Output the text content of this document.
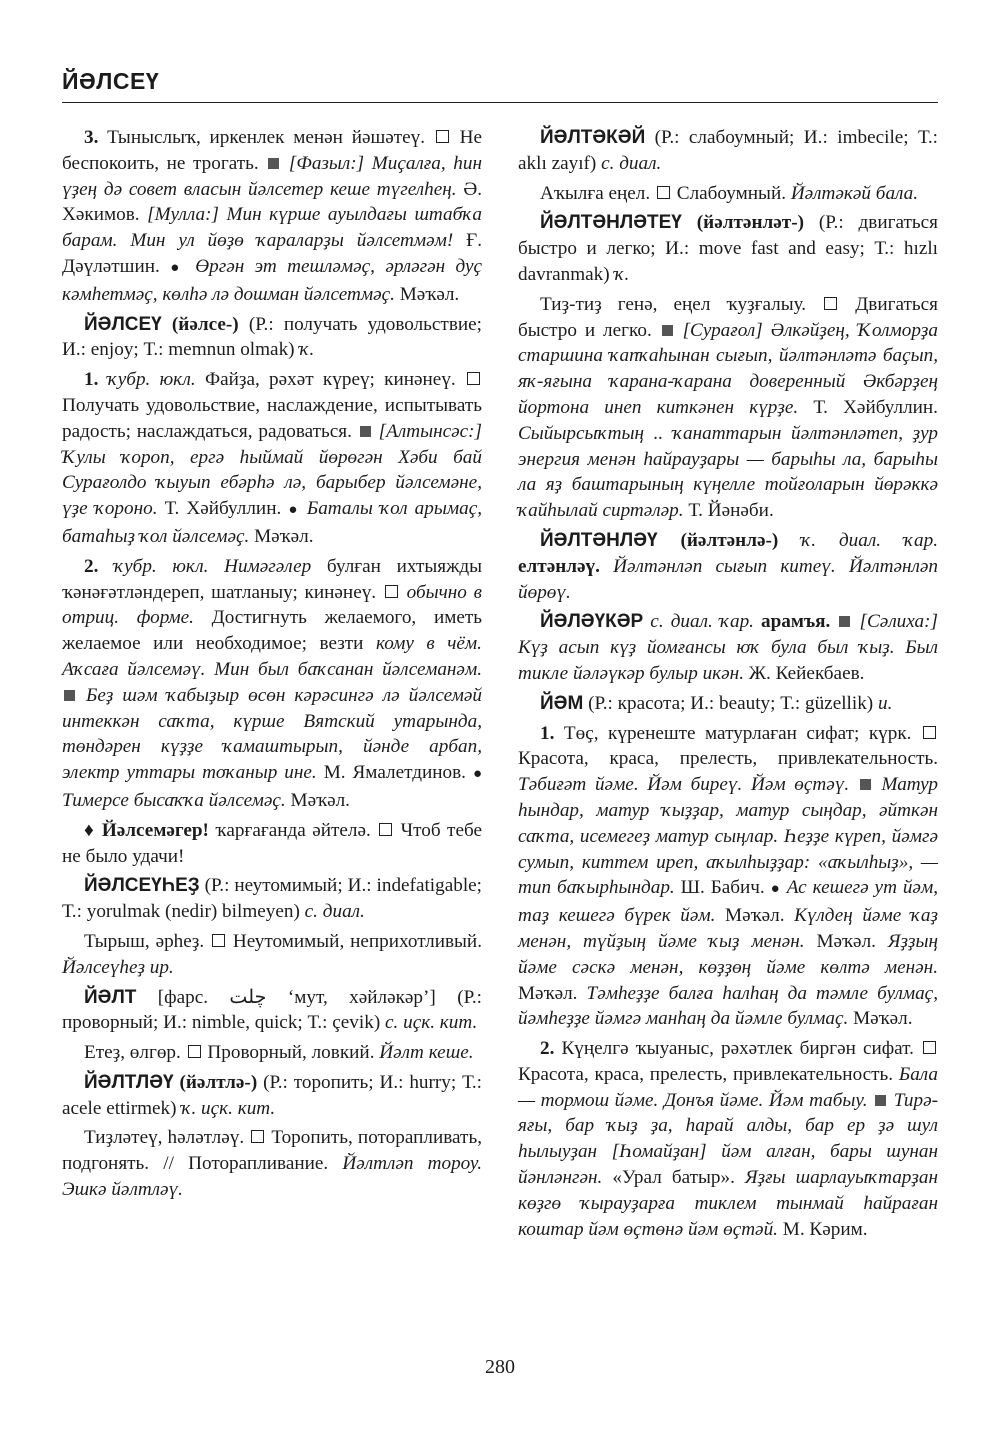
ЙӘЛСЕҮ

3. Тыныслыҡ, иркенлек менән йәшәтеү.  Не беспокоить, не трогать.  [Фазыл:] Миҫалға, һин үҙең дә совет власын йәлсетер кеше түгелһең. Ә. Хәкимов. [Мулла:] Мин күрше ауылдағы штабҡа барам. Мин ул йөҙө ҡараларҙы йәлсетмәм! Ғ. Дәүләтшин. ● Өргән эт тешләмәҫ, әрләгән дуҫ кәмһетмәҫ, көлһә лә дошман йәлсетмәҫ. Мәҡәл.

ЙӘЛСЕҮ (йәлсе-) (Р.: получать удовольствие; И.: enjoy; Т.: memnun olmak) ҡ.

1. ҡубр. юкл. Файҙа, рәхәт күреү; кинәнеү.  Получать удовольствие, наслаждение, испытывать радость; наслаждаться, радоваться.  [Алтынсәс:] Ҡулы ҡороп, ергә һыймай йөрөгән Хәби бай Сурағолдо ҡыуып ебәрһә лә, барыбер йәлсемәне, үҙе ҡороно. Т. Хәйбуллин. ● Баталы ҡол арымаҫ, батаһыҙ ҡол йәлсемәҫ. Мәҡәл.

2. ҡубр. юкл. Нимәгәлер булған ихтыяжды ҡәнәғәтләндереп, шатланыу; кинәнеү.  обычно в отриц. форме. Достигнуть желаемого, иметь желаемое или необходимое; везти кому в чём. Аҡсаға йәлсемәү. Мин был баҡсанан йәлсеманәм.  Беҙ шәм ҡабыҙыр өсөн кәрәсингә лә йәлсемәй интеккән саҡта, күрше Вятский утарында, төндәрен күҙҙе ҡамаштырып, йәнде арбап, электр уттары тоҡаныр ине. М. Ямалетдинов. ● Тимерсе бысаҡҡа йәлсемәҫ. Мәҡәл.

♦ Йәлсемәгер! ҡарғағанда әйтелә.  Чтоб тебе не было удачи!

ЙӘЛСЕҮҺЕҘ (Р.: неутомимый; И.: indefatigable; Т.: yorulmak (nedir) bilmeyen) с. диал.

Тырыш, әрһеҙ.  Неутомимый, неприхотливый. Йәлсеүһеҙ ир.

ЙӘЛТ [фарс. چلت ‘мут, хәйләкәр’] (Р.: проворный; И.: nimble, quick; Т.: çevik) с. иҫк. кит.

Етеҙ, өлгөр.  Проворный, ловкий. Йәлт кеше.

ЙӘЛТЛӘҮ (йәлтлә-) (Р.: торопить; И.: hurry; Т.: acele ettirmek) ҡ. иҫк. кит.

Тиҙләтеү, һәләтләү.  Торопить, поторапливать, подгонять. // Поторапливание. Йәлтләп тороу. Эшкә йәлтләү.

ЙӘЛТӘКӘЙ (Р.: слабоумный; И.: imbecile; Т.: aklı zayıf) с. диал.

Аҡылға еңел.  Слабоумный. Йәлтәкәй бала.

ЙӘЛТӘНЛӘТЕҮ (йәлтәнләт-) (Р.: двигаться быстро и легко; И.: move fast and easy; Т.: hızlı davranmak) ҡ.

Тиҙ-тиҙ генә, еңел ҡуҙғалыу.  Двигаться быстро и легко.  [Сурағол] Әлкәйҙең, Ҡолморҙа старшина ҡапҡаһынан сығып, йәлтәнләтә баҫып, яҡ-яғына ҡарана-ҡарана доверенный Әкбәрҙең йортона инеп киткәнен күрҙе. Т. Хәйбуллин. Сыйырсыҡтың .. ҡанаттарын йәлтәнләтеп, ҙур энергия менән һайрауҙары — барыһы ла, барыһы ла яҙ баштарының күңелле тойғоларын йөрәккә ҡайһылай сиртәләр. Т. Йәнәби.

ЙӘЛТӘНЛӘҮ (йәлтәнлә-) ҡ. диал. ҡар. елтәнләү. Йәлтәнләп сығып китеү. Йәлтәнләп йөрөү.

ЙӘЛӘҮКӘР с. диал. ҡар. арамъя. [Сәлиха:] Күҙ асып күҙ йомғансы юҡ була был ҡыҙ. Был тикле йәләүкәр булыр икән. Ж. Кейекбаев.

ЙӘМ (Р.: красота; И.: beauty; Т.: güzellik) и.

1. Төҫ, күренеште матурлаған сифат; күрк.  Красота, краса, прелесть, привлекательность. Тәбиғәт йәме. Йәм биреү. Йәм өҫтәү. Матур һындар, матур ҡыҙҙар, матур сыңдар, әйткән саҡта, исемегеҙ матур сыңлар. Һеҙҙе күреп, йәмгә сумып, киттем иреп, аҡылһыҙҙар: «аҡылһыҙ», — тип баҡырһындар. Ш. Бабич. ● Ас кешегә ут йәм, таҙ кешегә бүрек йәм. Мәҡәл. Күлдең йәме ҡаҙ менән, түйҙың йәме ҡыҙ менән. Мәҡәл. Яҙҙың йәме сәскә менән, көҙҙөң йәме көлтә менән. Мәҡәл. Тәмһеҙҙе балға һалһаң да тәмле булмаҫ, йәмһеҙҙе йәмгә манһаң да йәмле булмаҫ. Мәҡәл.

2. Күңелгә ҡыуаныс, рәхәтлек биргән сифат.  Красота, краса, прелесть, привлекательность. Бала — тормош йәме. Донъя йәме. Йәм табыу. Тирә-яғы, бар ҡыҙ ҙа, һарай алды, бар ер ҙә шул һылыуҙан [Һомайҙан] йәм алған, бары шунан йәнләнгән. «Урал батыр». Яҙғы шарлауыҡтарҙан көҙгө ҡырауҙарға тиклем тынмай һайраған коштар йәм өҫтөнә йәм өҫтәй. М. Кәрим.

280
